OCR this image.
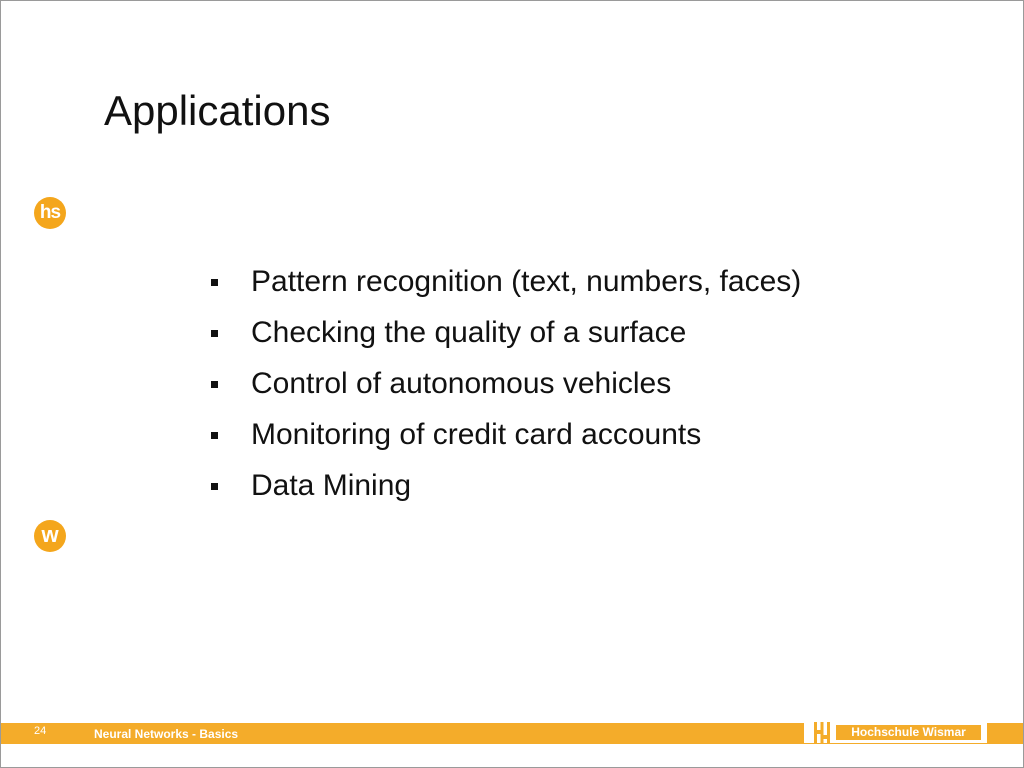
Applications
hs
w
Pattern recognition (text, numbers, faces)
Checking the quality of a surface
Control of autonomous vehicles
Monitoring of credit card accounts
Data Mining
24	Neural Networks - Basics	Hochschule Wismar
